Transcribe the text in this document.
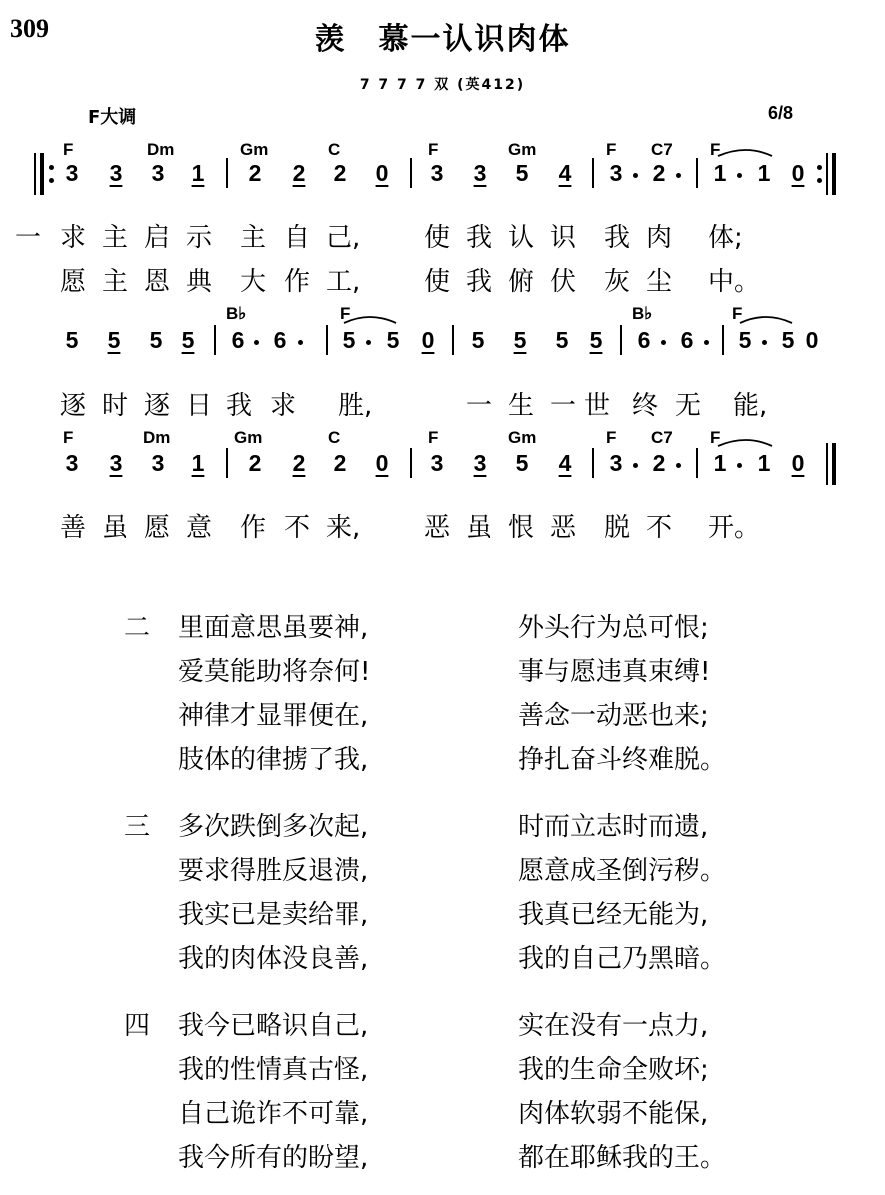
309	羡　慕一认识肉体
7 7 7 7 双 (英412)
F大调	6/8
F	Dm	Gm	C	F	Gm	F C7 F
3 3 3 1 2 2 2 0 3 3 5 4 3 2 1 1 0
一 求 主 启 示 主 自 己, 使 我 认 识 我 肉 体;
愿 主 恩 典 大 作 工, 使 我 俯 伏 灰 尘 中。
B♭	F	B♭	F
5 5 5 5 6 6 5 5 0 5 5 5 5 6 6 5 5 0
逐 时 逐 日 我 求 胜,	一 生 一 世 终 无 能,
F	Dm	Gm	C	F	Gm	F C7 F
3 3 3 1 2 2 2 0 3 3 5 4 3 2 1 1 0
善 虽 愿 意 作 不 来, 恶 虽 恨 恶 脱 不 开。
二 里面意思虽要神,	外头行为总可恨;
爱莫能助将奈何!	事与愿违真束缚!
神律才显罪便在,	善念一动恶也来;
肢体的律掳了我,	挣扎奋斗终难脱。
三 多次跌倒多次起,	时而立志时而遗,
要求得胜反退溃,	愿意成圣倒污秽。
我实已是卖给罪,	我真已经无能为,
我的肉体没良善,	我的自己乃黑暗。
四 我今已略识自己,	实在没有一点力,
我的性情真古怪,	我的生命全败坏;
自己诡诈不可靠,	肉体软弱不能保,
我今所有的盼望,	都在耶稣我的王。
